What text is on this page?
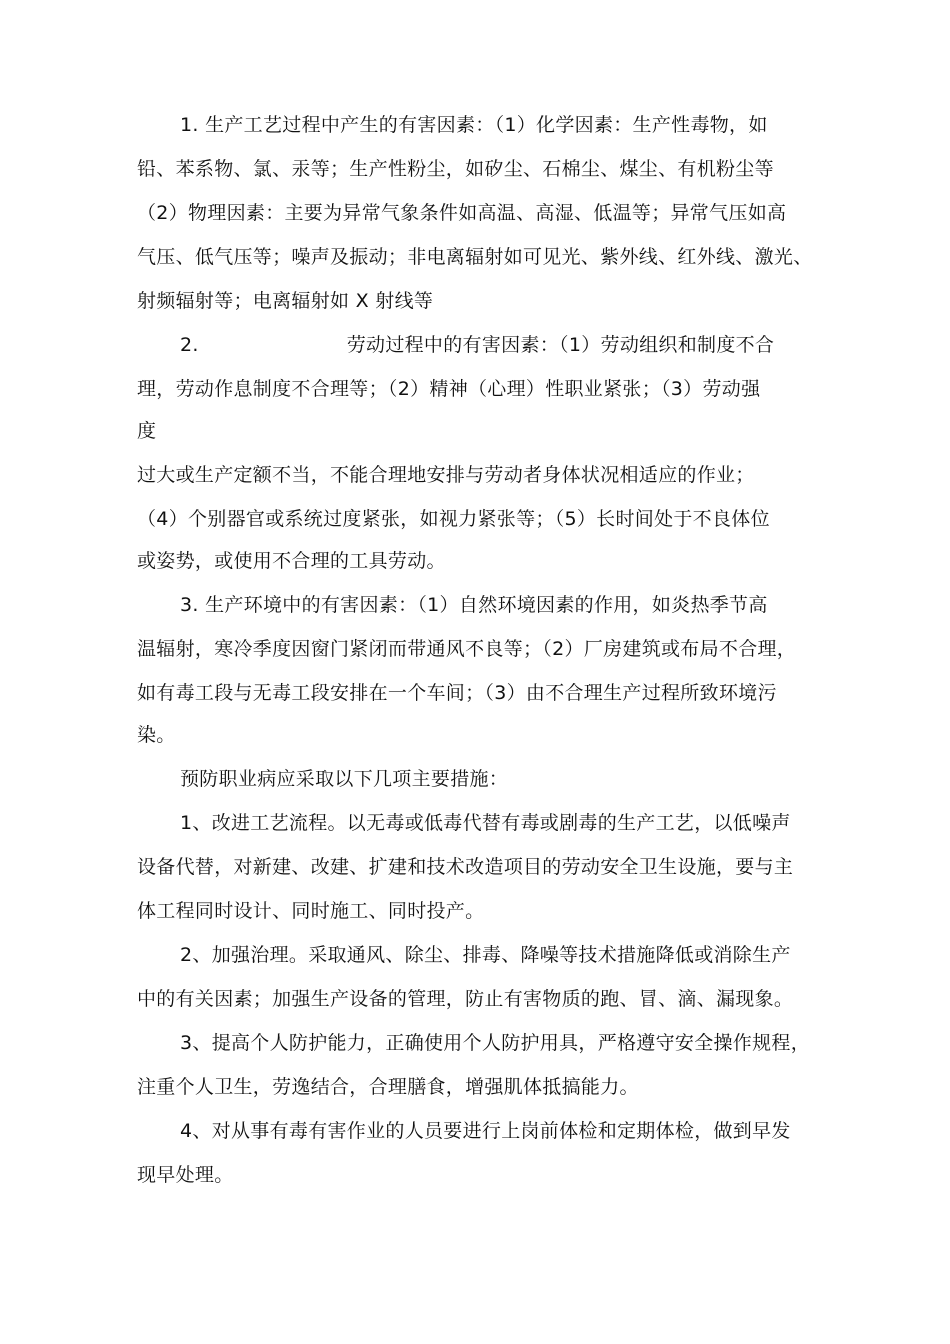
1. 生产工艺过程中产生的有害因素：（1）化学因素：生产性毒物，如
铅、苯系物、氯、汞等；生产性粉尘，如矽尘、石棉尘、煤尘、有机粉尘等
（2）物理因素：主要为异常气象条件如高温、高湿、低温等；异常气压如高
气压、低气压等；噪声及振动；非电离辐射如可见光、紫外线、红外线、激光、
射频辐射等；电离辐射如 X 射线等
2.	劳动过程中的有害因素：（1）劳动组织和制度不合
理，劳动作息制度不合理等；（2）精神（心理）性职业紧张；（3）劳动强
度
过大或生产定额不当，不能合理地安排与劳动者身体状况相适应的作业；
（4）个别器官或系统过度紧张，如视力紧张等；（5）长时间处于不良体位
或姿势，或使用不合理的工具劳动。
3. 生产环境中的有害因素：（1）自然环境因素的作用，如炎热季节高
温辐射，寒冷季度因窗门紧闭而带通风不良等；（2）厂房建筑或布局不合理，
如有毒工段与无毒工段安排在一个车间；（3）由不合理生产过程所致环境污
染。
预防职业病应采取以下几项主要措施：
1、改进工艺流程。以无毒或低毒代替有毒或剧毒的生产工艺，以低噪声
设备代替，对新建、改建、扩建和技术改造项目的劳动安全卫生设施，要与主
体工程同时设计、同时施工、同时投产。
2、加强治理。采取通风、除尘、排毒、降噪等技术措施降低或消除生产
中的有关因素；加强生产设备的管理，防止有害物质的跑、冒、滴、漏现象。
3、提高个人防护能力，正确使用个人防护用具，严格遵守安全操作规程，
注重个人卫生，劳逸结合，合理膳食，增强肌体抵搞能力。
4、对从事有毒有害作业的人员要进行上岗前体检和定期体检，做到早发
现早处理。
